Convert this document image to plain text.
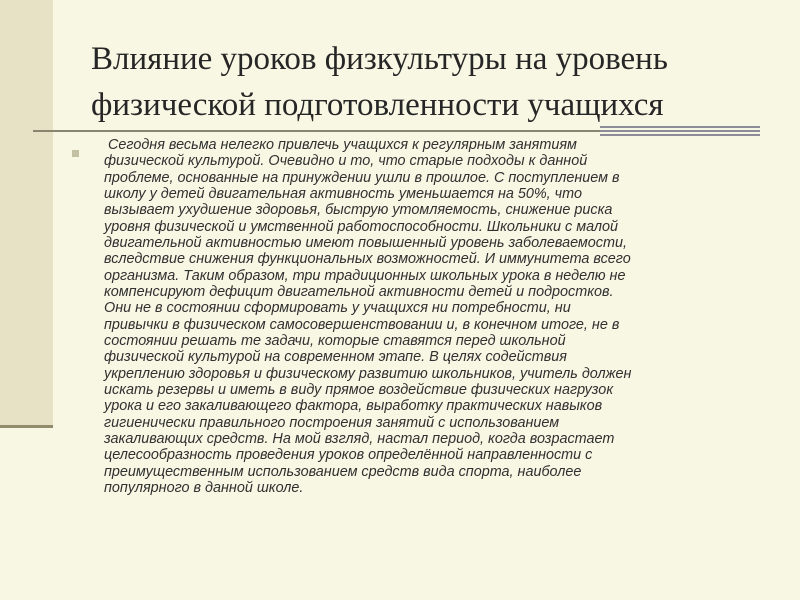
Влияние уроков физкультуры на уровень
физической подготовленности учащихся

Сегодня весьма нелегко привлечь учащихся к регулярным занятиям
физической культурой. Очевидно и то, что старые подходы к данной
проблеме, основанные на принуждении ушли в прошлое. С поступлением в
школу у детей двигательная активность уменьшается на 50%, что
вызывает ухудшение здоровья, быструю утомляемость, снижение риска
уровня физической и умственной работоспособности. Школьники с малой
двигательной активностью имеют повышенный уровень заболеваемости,
вследствие снижения функциональных возможностей. И иммунитета всего
организма. Таким образом, три традиционных школьных урока в неделю не
компенсируют дефицит двигательной активности детей и подростков.
Они не в состоянии сформировать у учащихся ни потребности, ни
привычки в физическом самосовершенствовании и, в конечном итоге, не в
состоянии решать те задачи, которые ставятся перед школьной
физической культурой на современном этапе. В целях содействия
укреплению здоровья и физическому развитию школьников, учитель должен
искать резервы и иметь в виду прямое воздействие физических нагрузок
урока и его закаливающего фактора, выработку практических навыков
гигиенически правильного построения занятий с использованием
закаливающих средств. На мой взгляд, настал период, когда возрастает
целесообразность проведения уроков определённой направленности с
преимущественным использованием средств вида спорта, наиболее
популярного в данной школе.
